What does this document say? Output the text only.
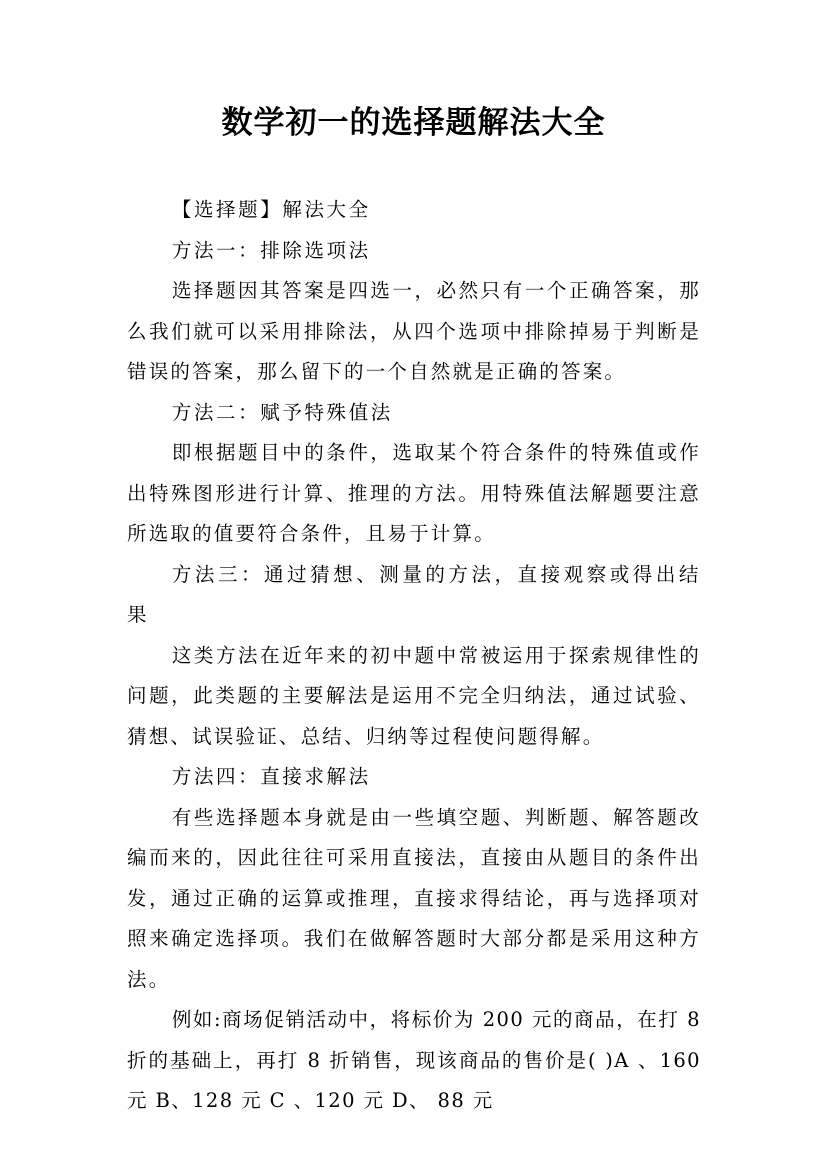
数学初一的选择题解法大全

【选择题】解法大全

方法一：排除选项法

选择题因其答案是四选一，必然只有一个正确答案，那么我们就可以采用排除法，从四个选项中排除掉易于判断是错误的答案，那么留下的一个自然就是正确的答案。

方法二：赋予特殊值法

即根据题目中的条件，选取某个符合条件的特殊值或作出特殊图形进行计算、推理的方法。用特殊值法解题要注意所选取的值要符合条件，且易于计算。

方法三：通过猜想、测量的方法，直接观察或得出结果

这类方法在近年来的初中题中常被运用于探索规律性的问题，此类题的主要解法是运用不完全归纳法，通过试验、猜想、试误验证、总结、归纳等过程使问题得解。

方法四：直接求解法

有些选择题本身就是由一些填空题、判断题、解答题改编而来的，因此往往可采用直接法，直接由从题目的条件出发，通过正确的运算或推理，直接求得结论，再与选择项对照来确定选择项。我们在做解答题时大部分都是采用这种方法。

例如:商场促销活动中，将标价为 200 元的商品，在打 8 折的基础上，再打 8 折销售，现该商品的售价是( )A 、160 元 B、128 元 C 、120 元 D、 88 元
